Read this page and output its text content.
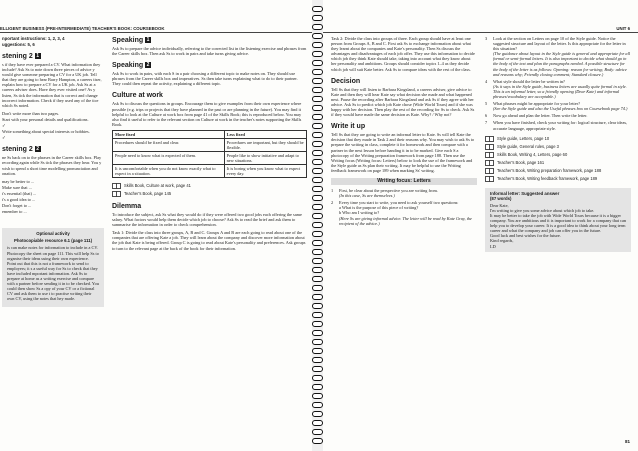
ELLIGENT BUSINESS (PRE-INTERMEDIATE) TEACHER'S BOOK: COURSEBOOK
nportant instructions: 1, 2, 3, 4
uggestions: 5, 6
stening 2 1

s if they have ever prepared a CV. What information they include? Ask Ss to note down three pieces of advice y would give someone preparing a CV for a UK job. Tell that they are going to hear Barry Hampton, a careers tiser, explain how to prepare a CV for a UK job. Ask Ss at a careers adviser does. Have they ever visited one? As y listen, Ss tick the information that is correct and change incorrect information. Check if they used any of the tice which Ss noted.

Don't write more than two pages.
Start with your personal details and qualifications.
✓
Write something about special interests or hobbies.
✓
stening 2 2

ne Ss back on to the phrases in the Career skills box. Play recording again while Ss tick the phrases they hear. You y wish to spend a short time modelling pronunciation and onation.

may be better to ...
Make sure that ...
t's essential (that) ...
t's a good idea to ...
Don't forget to ...
emember to ...
Optional activity
Photocopiable resource 6.1 (page 111)

is can make notes for information to include in a CV. Photocopy the sheet on page 111. This will help Ss to organise their ideas using their own experience. Point out that this is not a framework to send to employers; it s a useful way for Ss to check that they have included mportant information. Ask Ss to prepare at home as a writing exercise and compare with a partner before sending it in to be checked. You could then show Ss a opy of your CV or a fictional CV and ask them to use t to practise writing their own CV, using the notes that hey made.

Speaking 1

Ask Ss to prepare the advice individually, referring to the corrected list in the listening exercise and phrases from the Career skills box. Then ask Ss to work in pairs and take turns giving advice.

Speaking 2

Ask Ss to work in pairs, with each S in a pair choosing a different topic to make notes on. They should use phrases from the Career skills box and imperatives. Ss then take turns explaining what to do to their partner. They could then repeat the activity, explaining a different topic.

Culture at work

Ask Ss to discuss the questions in groups. Encourage them to give examples from their own experience where possible (e.g. trips or projects that they have planned in the past or are planning in the future). You may find it helpful to look at the Culture at work box from page 41 of the Skills Book; this is reproduced below. You may also find it useful to refer to the relevant section on Culture at work in the teacher's notes supporting the Skills Book.

More fixed	Less fixed
Procedures should be fixed and clear.	Procedures are important, but they should be flexible.
People need to know what is expected of them.	People like to show initiative and adapt to new situations.
It is uncomfortable when you do not know exactly what to expect in a situation.	It is boring when you know what to expect every day.
Skills Book, Culture at work, page 41
Teacher's Book, page 145
Dilemma

To introduce the subject, ask Ss what they would do if they were offered two good jobs each offering the same salary. What factors would help them decide which job to choose? Ask Ss to read the brief and ask them to summarise the information in order to check comprehension.

Task 1: Divide the class into three groups, A, B and C. Groups A and B are each going to read about one of the companies that are offering Kate a job. They will learn about the company and discover more information about the job that Kate is being offered. Group C is going to read about Kate's personality and preferences. Ask groups to turn to the relevant page at the back of the book for their information.

UNIT 6

Task 2: Divide the class into groups of three. Each group should have at least one person from Groups A, B and C. First ask Ss to exchange information about what they learnt about the companies and Kate's personality. Then Ss discuss the advantages and disadvantages of each job offer. They use this information to decide which job they think Kate should take, taking into account what they know about her personality and ambitions. Groups should consider topics 1–4 as they decide which job will suit Kate better. Ask Ss to compare ideas with the rest of the class.

Decision

Tell Ss that they will listen to Barbara Kingsland, a careers adviser, give advice to Kate and then they will hear Kate say what decision she made and what happened next. Pause the recording after Barbara Kingsland and ask Ss if they agree with her advice. Ask Ss to predict which job Kate chose (Wide World Tours) and if she was happy with her decision. Then play the rest of the recording for Ss to check. Ask Ss if they would have made the same decision as Kate. Why? / Why not?

Write it up

Tell Ss that they are going to write an informal letter to Kate. Ss will tell Kate the decision that they made in Task 2 and their reasons why. You may wish to ask Ss to prepare the writing in class, complete it for homework and then compare with a partner in the next lesson before handing it in to be marked. Give each S a photocopy of the Writing preparation framework from page 188. Then use the Writing focus (Writing focus: Letters) below to look the use of the framework and the Style guide as Ss plan their writing. It may be helpful to use the Writing feedback framework on page 189 when marking Ss' writing.

Writing focus: Letters
1	First, be clear about the perspective you are writing from.
(In this case, Ss are themselves.)
2	Every time you start to write, you need to ask yourself two questions:
a What is the purpose of this piece of writing?
b Who am I writing to?
(Here Ss are giving informal advice. The letter will be read by Kate Gray, the recipient of the advice.)
3	Look at the section on Letters on page 10 of the Style guide. Notice the suggested structure and layout of the letter. Is this appropriate for the letter in this situation?
(The guidance about layout in the Style guide is general and appropriate for all formal or semi-formal letters. It is also important to decide what should go in the body of the text and plan the paragraphs needed. A possible structure for the body of the letter is as follows: Opening: reason for writing; Body: advice and reasons why; Friendly closing comment; Standard closure.)
4	What style should the letter be written in?
(As it says in the Style guide, business letters are usually quite formal in style. This is an informal letter, so a friendly opening (Dear Kate) and informal phrases/vocabulary are acceptable.)
5	What phrases might be appropriate for your letter?
(See the Style guide and also the Useful phrases box on Coursebook page 74.)
6	Now go ahead and plan the letter. Then write the letter.
7	When you have finished, check your writing for: logical structure, clear ideas, accurate language, appropriate style.
Style guide, Letters, page 10
Style guide, General rules, page 3
Skills Book, Writing 4, Letters, page 60
Teacher's Book, page 161
Teacher's Book, Writing preparation framework, page 188
Teacher's Book, Writing feedback framework, page 189
Informal letter: Suggested answer
(87 words)
Dear Kate,
I'm writing to give you some advice about which job to take.
It may be better to take the job with Wide World Tours because it is a bigger company. You are ambitious and it is important to work for a company that can help you to develop your career. It is a good idea to think about your long term career and what the company and job can offer you in the future.
Good luck and best wishes for the future.
Kind regards,
LD
81
